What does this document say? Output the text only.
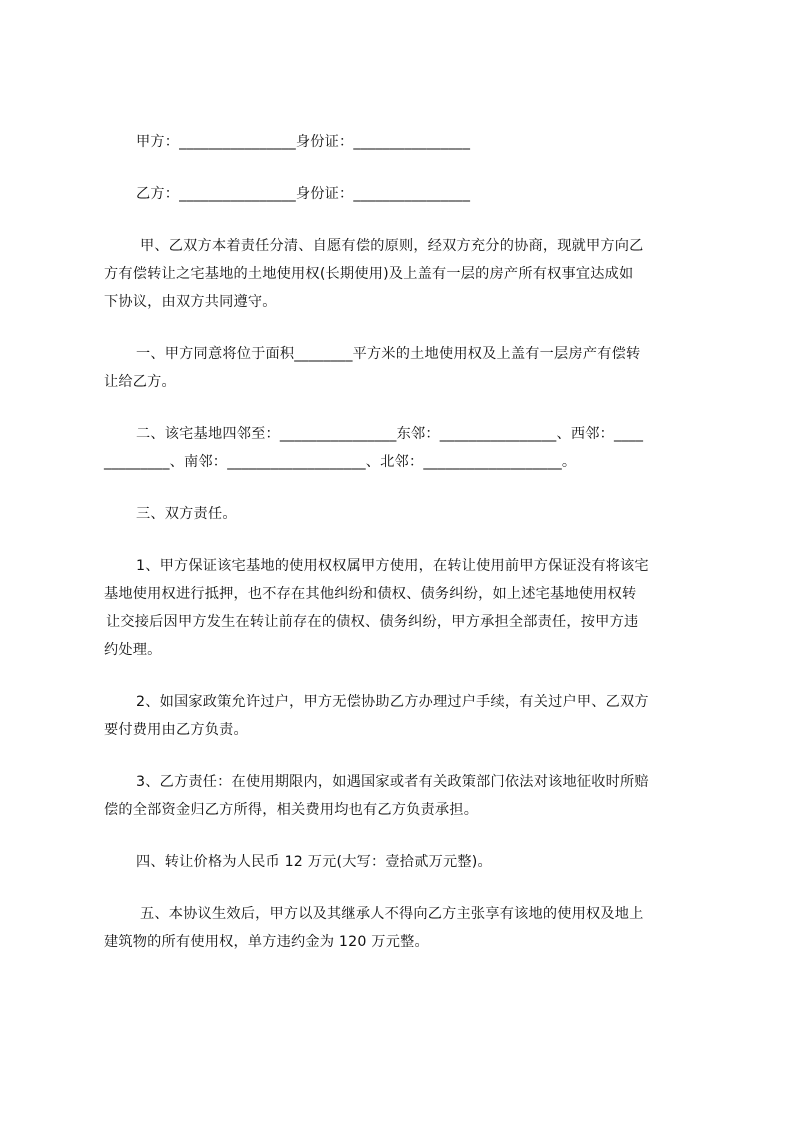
甲方：________________身份证：________________
乙方：________________身份证：________________
甲、乙双方本着责任分清、自愿有偿的原则，经双方充分的协商，现就甲方向乙
方有偿转让之宅基地的土地使用权(长期使用)及上盖有一层的房产所有权事宜达成如
下协议，由双方共同遵守。
一、甲方同意将位于面积________平方米的土地使用权及上盖有一层房产有偿转
让给乙方。
二、该宅基地四邻至：________________东邻：________________、西邻：____
_________、南邻：___________________、北邻：___________________。
三、双方责任。
1、甲方保证该宅基地的使用权权属甲方使用，在转让使用前甲方保证没有将该宅
基地使用权进行抵押，也不存在其他纠纷和债权、债务纠纷，如上述宅基地使用权转
让交接后因甲方发生在转让前存在的债权、债务纠纷，甲方承担全部责任，按甲方违
约处理。
2、如国家政策允许过户，甲方无偿协助乙方办理过户手续，有关过户甲、乙双方
要付费用由乙方负责。
3、乙方责任：在使用期限内，如遇国家或者有关政策部门依法对该地征收时所赔
偿的全部资金归乙方所得，相关费用均也有乙方负责承担。
四、转让价格为人民币 12 万元(大写：壹拾贰万元整)。
五、本协议生效后，甲方以及其继承人不得向乙方主张享有该地的使用权及地上
建筑物的所有使用权，单方违约金为 120 万元整。
